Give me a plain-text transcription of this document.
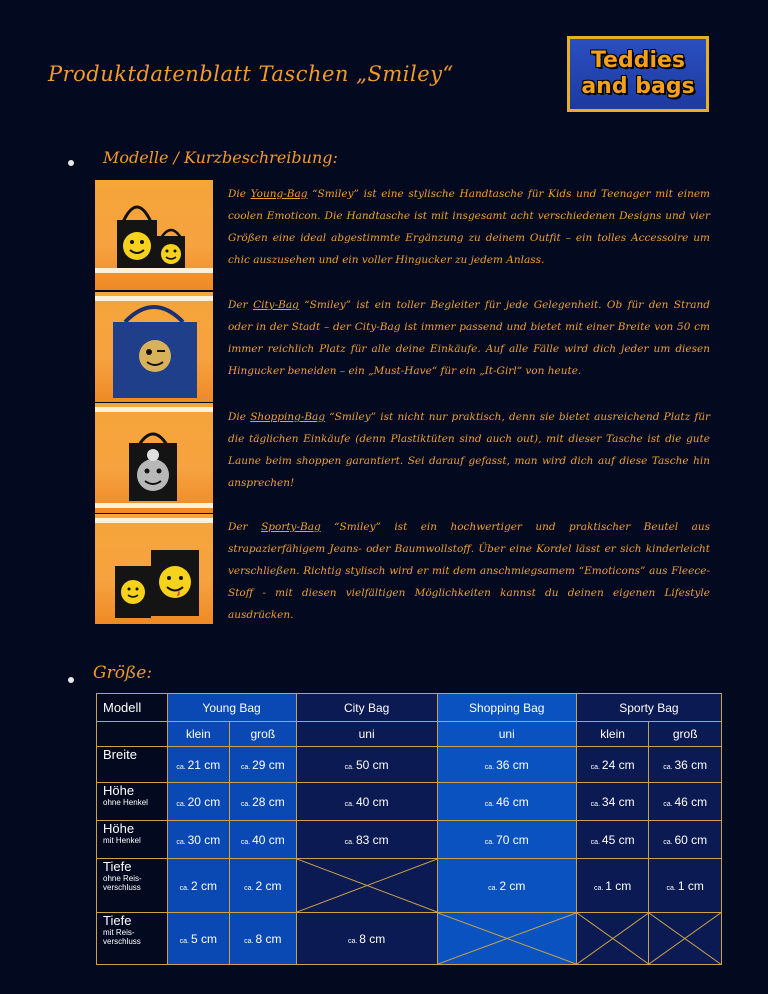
Produktdatenblatt Taschen „Smiley“
Teddies
and bags
Modelle / Kurzbeschreibung:
Die Young-Bag “Smiley” ist eine stylische Handtasche für Kids und Teenager mit einem coolen Emoticon. Die Handtasche ist mit insgesamt acht verschiedenen Designs und vier Größen eine ideal abgestimmte Ergänzung zu deinem Outfit – ein tolles Accessoire um chic auszusehen und ein voller Hingucker zu jedem Anlass.
Der City-Bag “Smiley” ist ein toller Begleiter für jede Gelegenheit. Ob für den Strand oder in der Stadt – der City-Bag ist immer passend und bietet mit einer Breite von 50 cm immer reichlich Platz für alle deine Einkäufe. Auf alle Fälle wird dich jeder um diesen Hingucker beneiden – ein „Must-Have“ für ein „It-Girl“ von heute.
Die Shopping-Bag “Smiley” ist nicht nur praktisch, denn sie bietet ausreichend Platz für die täglichen Einkäufe (denn Plastiktüten sind auch out), mit dieser Tasche ist die gute Laune beim shoppen garantiert. Sei darauf gefasst, man wird dich auf diese Tasche hin ansprechen!
Der Sporty-Bag “Smiley” ist ein hochwertiger und praktischer Beutel aus strapazierfähigem Jeans- oder Baumwollstoff. Über eine Kordel lässt er sich kinderleicht verschließen. Richtig stylisch wird er mit dem anschmiegsamem “Emoticons” aus Fleece-Stoff - mit diesen vielfältigen Möglichkeiten kannst du deinen eigenen Lifestyle ausdrücken.
Größe:
Modell	Young Bag		City Bag	Shopping Bag	Sporty Bag	
	klein	groß	uni	uni	klein	groß
Breite	ca. 21 cm	ca. 29 cm	ca. 50 cm	ca. 36 cm	ca. 24 cm	ca. 36 cm
Höhe
ohne Henkel	ca. 20 cm	ca. 28 cm	ca. 40 cm	ca. 46 cm	ca. 34 cm	ca. 46 cm
Höhe
mit Henkel	ca. 30 cm	ca. 40 cm	ca. 83 cm	ca. 70 cm	ca. 45 cm	ca. 60 cm
Tiefe
ohne Reis-verschluss	ca. 2 cm	ca. 2 cm		ca. 2 cm	ca. 1 cm	ca. 1 cm
Tiefe
mit Reis-verschluss	ca. 5 cm	ca. 8 cm	ca. 8 cm	
